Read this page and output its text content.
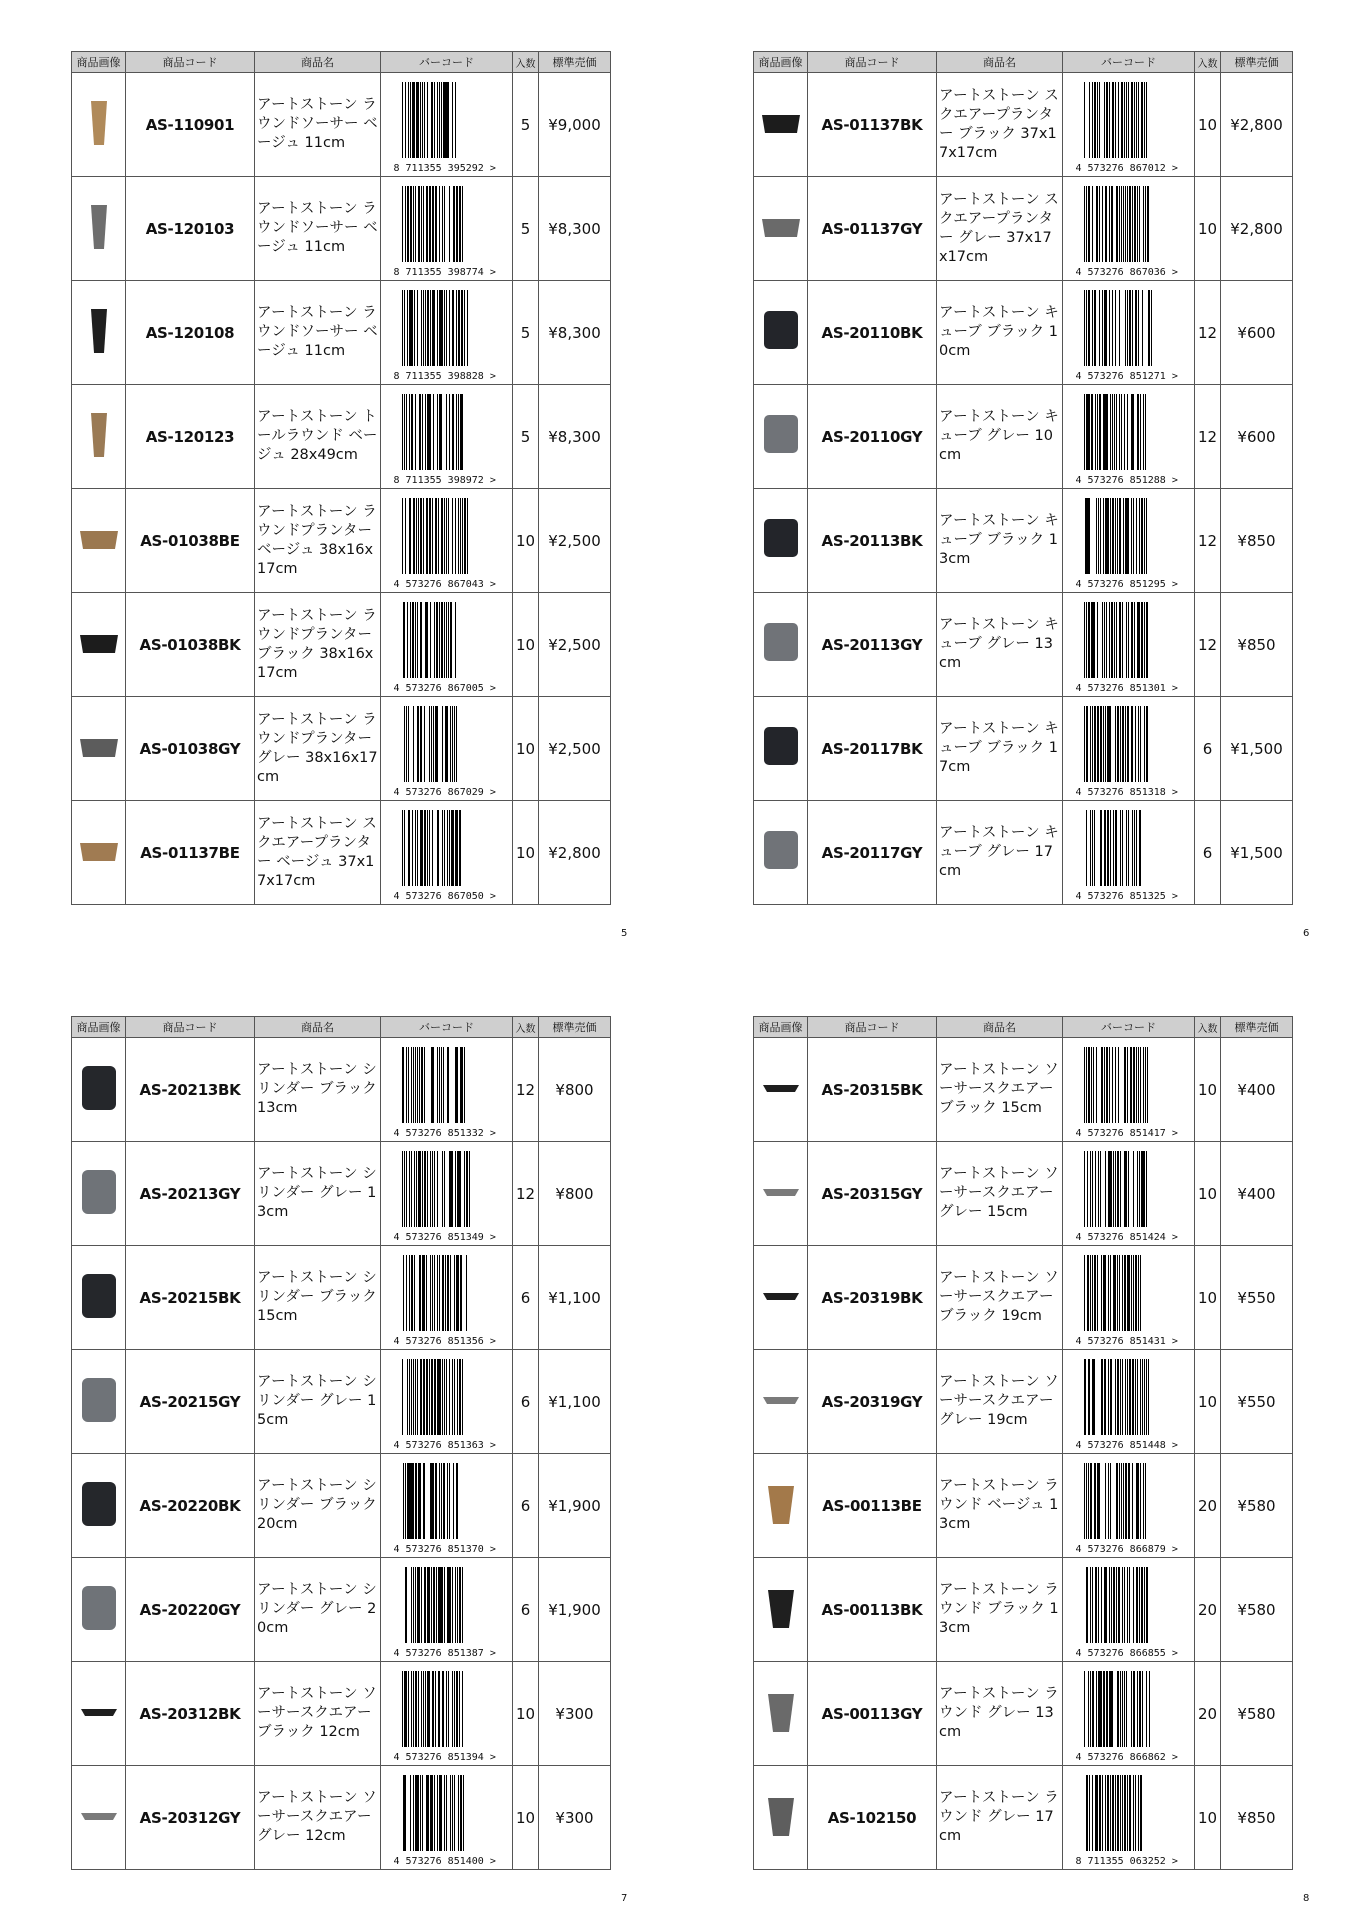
商品画像	商品コード	商品名	バーコード	入数	標準売価
	AS-110901	アートストーン ラウンドソーサー ベージュ 11cm	8 711355 395292 >	5	¥9,000
	AS-120103	アートストーン ラウンドソーサー ベージュ 11cm	8 711355 398774 >	5	¥8,300
	AS-120108	アートストーン ラウンドソーサー ベージュ 11cm	8 711355 398828 >	5	¥8,300
	AS-120123	アートストーン トールラウンド ベージュ 28x49cm	8 711355 398972 >	5	¥8,300
	AS-01038BE	アートストーン ラウンドプランター ベージュ 38x16x17cm	4 573276 867043 >	10	¥2,500
	AS-01038BK	アートストーン ラウンドプランター ブラック 38x16x17cm	4 573276 867005 >	10	¥2,500
	AS-01038GY	アートストーン ラウンドプランター グレー 38x16x17cm	4 573276 867029 >	10	¥2,500
	AS-01137BE	アートストーン スクエアープランター ベージュ 37x17x17cm	4 573276 867050 >	10	¥2,800
5
商品画像	商品コード	商品名	バーコード	入数	標準売価
	AS-01137BK	アートストーン スクエアープランター ブラック 37x17x17cm	4 573276 867012 >	10	¥2,800
	AS-01137GY	アートストーン スクエアープランター グレー 37x17x17cm	4 573276 867036 >	10	¥2,800
	AS-20110BK	アートストーン キューブ ブラック 10cm	4 573276 851271 >	12	¥600
	AS-20110GY	アートストーン キューブ グレー 10cm	4 573276 851288 >	12	¥600
	AS-20113BK	アートストーン キューブ ブラック 13cm	4 573276 851295 >	12	¥850
	AS-20113GY	アートストーン キューブ グレー 13cm	4 573276 851301 >	12	¥850
	AS-20117BK	アートストーン キューブ ブラック 17cm	4 573276 851318 >	6	¥1,500
	AS-20117GY	アートストーン キューブ グレー 17cm	4 573276 851325 >	6	¥1,500
6
商品画像	商品コード	商品名	バーコード	入数	標準売価
	AS-20213BK	アートストーン シリンダー ブラック 13cm	4 573276 851332 >	12	¥800
	AS-20213GY	アートストーン シリンダー グレー 13cm	4 573276 851349 >	12	¥800
	AS-20215BK	アートストーン シリンダー ブラック 15cm	4 573276 851356 >	6	¥1,100
	AS-20215GY	アートストーン シリンダー グレー 15cm	4 573276 851363 >	6	¥1,100
	AS-20220BK	アートストーン シリンダー ブラック 20cm	4 573276 851370 >	6	¥1,900
	AS-20220GY	アートストーン シリンダー グレー 20cm	4 573276 851387 >	6	¥1,900
	AS-20312BK	アートストーン ソーサースクエアー ブラック 12cm	4 573276 851394 >	10	¥300
	AS-20312GY	アートストーン ソーサースクエアー グレー 12cm	4 573276 851400 >	10	¥300
7
商品画像	商品コード	商品名	バーコード	入数	標準売価
	AS-20315BK	アートストーン ソーサースクエアー ブラック 15cm	4 573276 851417 >	10	¥400
	AS-20315GY	アートストーン ソーサースクエアー グレー 15cm	4 573276 851424 >	10	¥400
	AS-20319BK	アートストーン ソーサースクエアー ブラック 19cm	4 573276 851431 >	10	¥550
	AS-20319GY	アートストーン ソーサースクエアー グレー 19cm	4 573276 851448 >	10	¥550
	AS-00113BE	アートストーン ラウンド ベージュ 13cm	4 573276 866879 >	20	¥580
	AS-00113BK	アートストーン ラウンド ブラック 13cm	4 573276 866855 >	20	¥580
	AS-00113GY	アートストーン ラウンド グレー 13cm	4 573276 866862 >	20	¥580
	AS-102150	アートストーン ラウンド グレー 17cm	8 711355 063252 >	10	¥850
8
